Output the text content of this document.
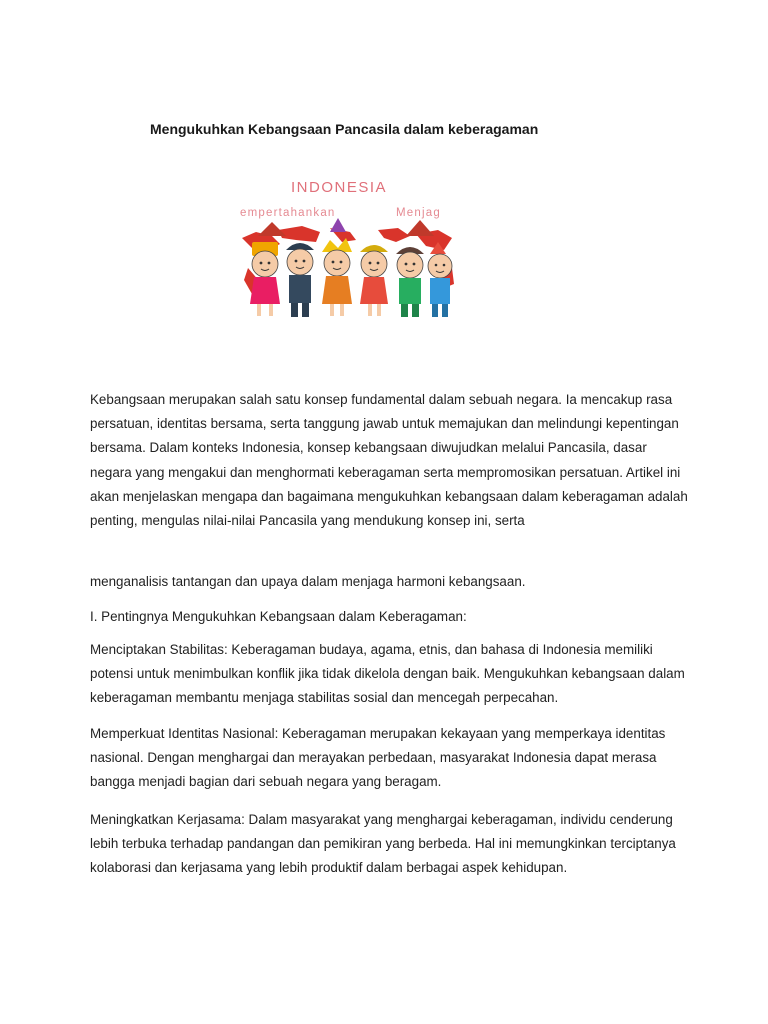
Mengukuhkan Kebangsaan Pancasila dalam keberagaman
INDONESIA
empertahankan	Menjag

Kebangsaan merupakan salah satu konsep fundamental dalam sebuah negara. Ia mencakup rasa persatuan, identitas bersama, serta tanggung jawab untuk memajukan dan melindungi kepentingan bersama. Dalam konteks Indonesia, konsep kebangsaan diwujudkan melalui Pancasila, dasar negara yang mengakui dan menghormati keberagaman serta mempromosikan persatuan. Artikel ini akan menjelaskan mengapa dan bagaimana mengukuhkan kebangsaan dalam keberagaman adalah penting, mengulas nilai-nilai Pancasila yang mendukung konsep ini, serta

menganalisis tantangan dan upaya dalam menjaga harmoni kebangsaan.

I. Pentingnya Mengukuhkan Kebangsaan dalam Keberagaman:

Menciptakan Stabilitas: Keberagaman budaya, agama, etnis, dan bahasa di Indonesia memiliki potensi untuk menimbulkan konflik jika tidak dikelola dengan baik. Mengukuhkan kebangsaan dalam keberagaman membantu menjaga stabilitas sosial dan mencegah perpecahan.

Memperkuat Identitas Nasional: Keberagaman merupakan kekayaan yang memperkaya identitas nasional. Dengan menghargai dan merayakan perbedaan, masyarakat Indonesia dapat merasa bangga menjadi bagian dari sebuah negara yang beragam.

Meningkatkan Kerjasama: Dalam masyarakat yang menghargai keberagaman, individu cenderung lebih terbuka terhadap pandangan dan pemikiran yang berbeda. Hal ini memungkinkan terciptanya kolaborasi dan kerjasama yang lebih produktif dalam berbagai aspek kehidupan.
